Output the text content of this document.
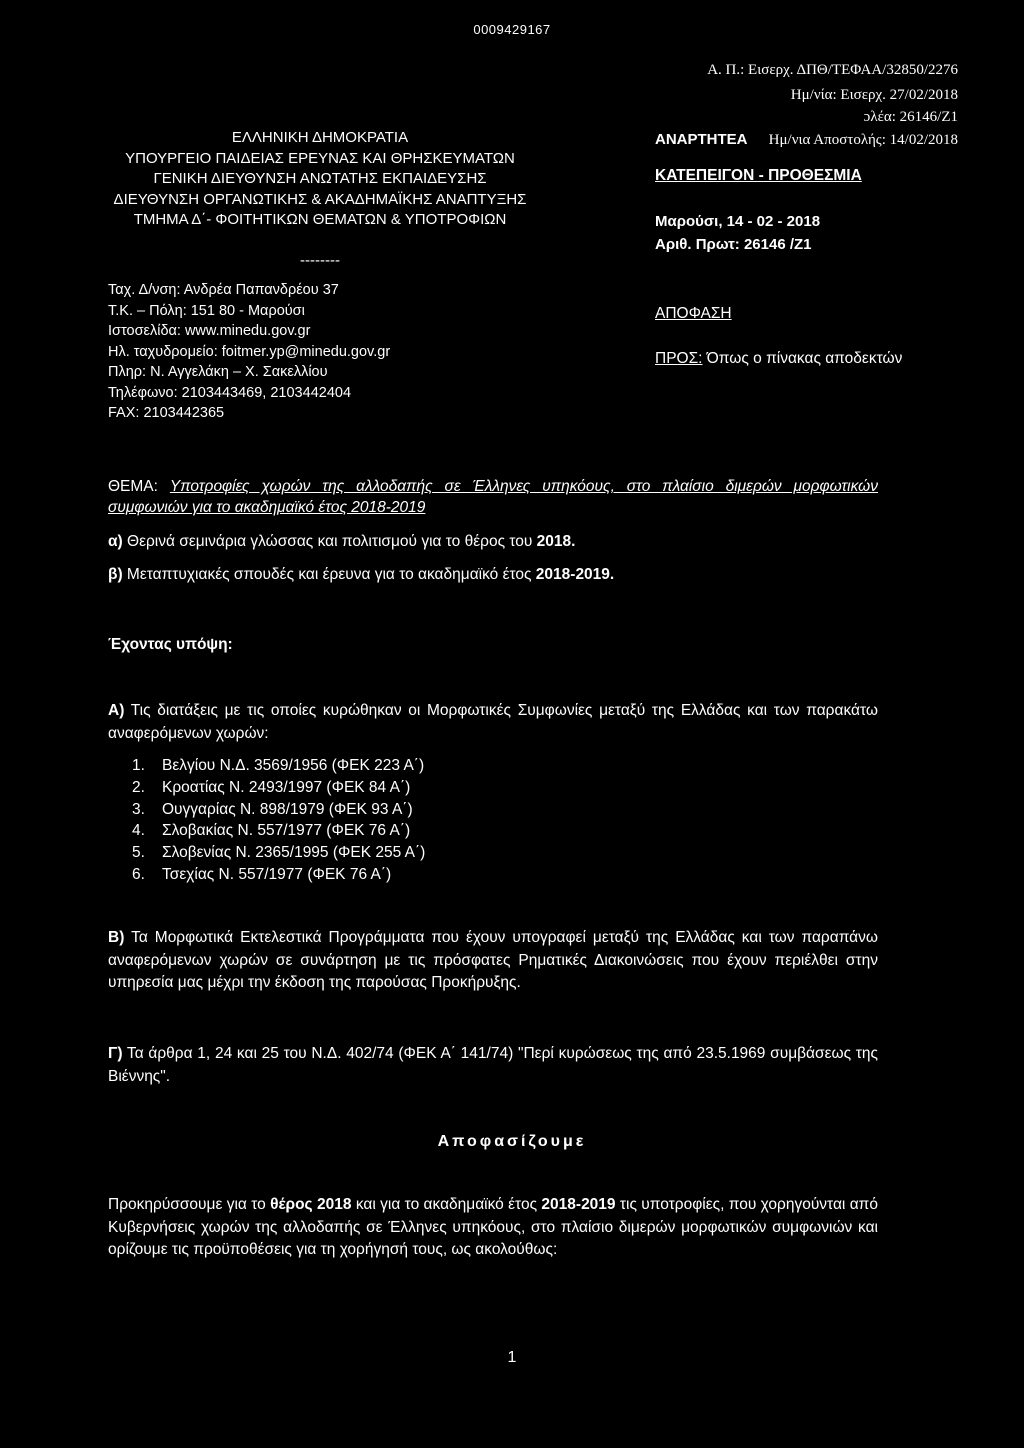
0009429167
ΕΛΛΗΝΙΚΗ ΔΗΜΟΚΡΑΤΙΑ
ΥΠΟΥΡΓΕΙΟ ΠΑΙΔΕΙΑΣ ΕΡΕΥΝΑΣ ΚΑΙ ΘΡΗΣΚΕΥΜΑΤΩΝ
ΓΕΝΙΚΗ ΔΙΕΥΘΥΝΣΗ ΑΝΩΤΑΤΗΣ ΕΚΠΑΙΔΕΥΣΗΣ
ΔΙΕΥΘΥΝΣΗ ΟΡΓΑΝΩΤΙΚΗΣ & ΑΚΑΔΗΜΑΪΚΗΣ ΑΝΑΠΤΥΞΗΣ
ΤΜΗΜΑ Δ΄- ΦΟΙΤΗΤΙΚΩΝ ΘΕΜΑΤΩΝ & ΥΠΟΤΡΟΦΙΩΝ
--------
Ταχ. Δ/νση: Ανδρέα Παπανδρέου 37
Τ.Κ. – Πόλη: 151 80 - Μαρούσι
Ιστοσελίδα: www.minedu.gov.gr
Ηλ. ταχυδρομείο: foitmer.yp@minedu.gov.gr
Πληρ: Ν. Αγγελάκη – Χ. Σακελλίου
Τηλέφωνο: 2103443469, 2103442404
FAX: 2103442365
Α. Π.: Εισερχ. ΔΠΘ/ΤΕΦΑΑ/32850/2276
Ημ/νία: Εισερχ. 27/02/2018
ɔλέα: 26146/Ζ1
Ημ/νια Αποστολής: 14/02/2018
ΑΝΑΡΤΗΤΕΑ
ΚΑΤΕΠΕΙΓΟΝ - ΠΡΟΘΕΣΜΙΑ
Μαρούσι, 14 - 02 - 2018
Αριθ. Πρωτ: 26146 /Ζ1
ΑΠΟΦΑΣΗ
ΠΡΟΣ: Όπως ο πίνακας αποδεκτών
ΘΕΜΑ: Υποτροφίες χωρών της αλλοδαπής σε Έλληνες υπηκόους, στο πλαίσιο διμερών μορφωτικών συμφωνιών για το ακαδημαϊκό έτος 2018-2019
α) Θερινά σεμινάρια γλώσσας και πολιτισμού για το θέρος του 2018.
β) Μεταπτυχιακές σπουδές και έρευνα για το ακαδημαϊκό έτος 2018-2019.
Έχοντας υπόψη:
Α) Τις διατάξεις με τις οποίες κυρώθηκαν οι Μορφωτικές Συμφωνίες μεταξύ της Ελλάδας και των παρακάτω αναφερόμενων χωρών:
1. Βελγίου Ν.Δ. 3569/1956 (ΦΕΚ 223 Α΄)
2. Κροατίας Ν. 2493/1997 (ΦΕΚ 84 Α΄)
3. Ουγγαρίας Ν. 898/1979 (ΦΕΚ 93 Α΄)
4. Σλοβακίας Ν. 557/1977 (ΦΕΚ 76 Α΄)
5. Σλοβενίας Ν. 2365/1995 (ΦΕΚ 255 Α΄)
6. Τσεχίας Ν. 557/1977 (ΦΕΚ 76 Α΄)
Β) Τα Μορφωτικά Εκτελεστικά Προγράμματα που έχουν υπογραφεί μεταξύ της Ελλάδας και των παραπάνω αναφερόμενων χωρών σε συνάρτηση με τις πρόσφατες Ρηματικές Διακοινώσεις που έχουν περιέλθει στην υπηρεσία μας μέχρι την έκδοση της παρούσας Προκήρυξης.
Γ) Τα άρθρα 1, 24 και 25 του Ν.Δ. 402/74 (ΦΕΚ Α΄ 141/74) "Περί κυρώσεως της από 23.5.1969 συμβάσεως της Βιέννης".
Αποφασίζουμε
Προκηρύσσουμε για το θέρος 2018 και για το ακαδημαϊκό έτος 2018-2019 τις υποτροφίες, που χορηγούνται από Κυβερνήσεις χωρών της αλλοδαπής σε Έλληνες υπηκόους, στο πλαίσιο διμερών μορφωτικών συμφωνιών και ορίζουμε τις προϋποθέσεις για τη χορήγησή τους, ως ακολούθως:
1
